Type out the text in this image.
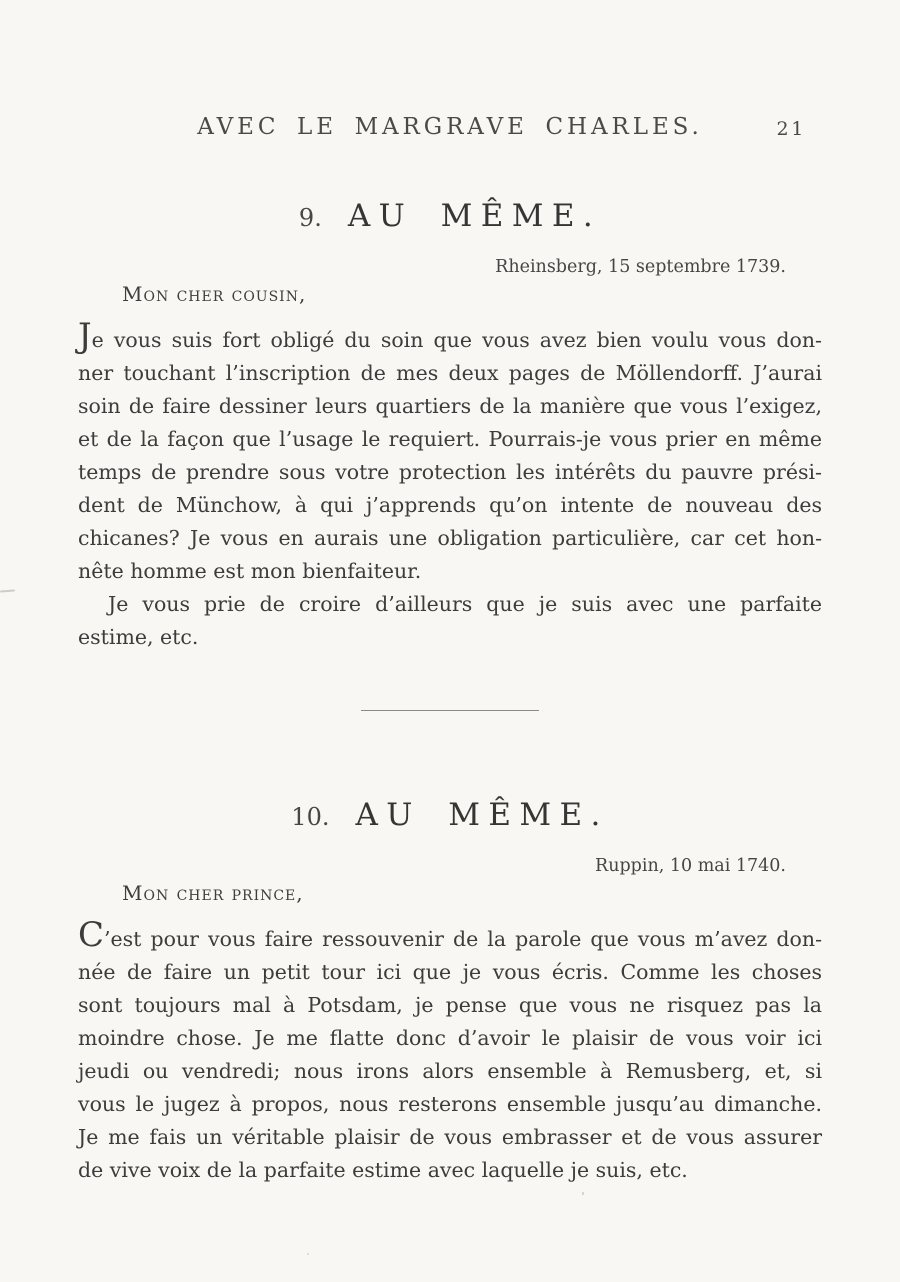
AVEC LE MARGRAVE CHARLES.	21
9. AU MÊME.
Rheinsberg, 15 septembre 1739.
Mon cher cousin,
Je vous suis fort obligé du soin que vous avez bien voulu vous don-
ner touchant l’inscription de mes deux pages de Möllendorff. J’aurai
soin de faire dessiner leurs quartiers de la manière que vous l’exigez,
et de la façon que l’usage le requiert. Pourrais-je vous prier en même
temps de prendre sous votre protection les intérêts du pauvre prési-
dent de Münchow, à qui j’apprends qu’on intente de nouveau des
chicanes? Je vous en aurais une obligation particulière, car cet hon-
nête homme est mon bienfaiteur.
Je vous prie de croire d’ailleurs que je suis avec une parfaite
estime, etc.
10. AU MÊME.
Ruppin, 10 mai 1740.
Mon cher prince,
C’est pour vous faire ressouvenir de la parole que vous m’avez don-
née de faire un petit tour ici que je vous écris. Comme les choses
sont toujours mal à Potsdam, je pense que vous ne risquez pas la
moindre chose. Je me flatte donc d’avoir le plaisir de vous voir ici
jeudi ou vendredi; nous irons alors ensemble à Remusberg, et, si
vous le jugez à propos, nous resterons ensemble jusqu’au dimanche.
Je me fais un véritable plaisir de vous embrasser et de vous assurer
de vive voix de la parfaite estime avec laquelle je suis, etc.
